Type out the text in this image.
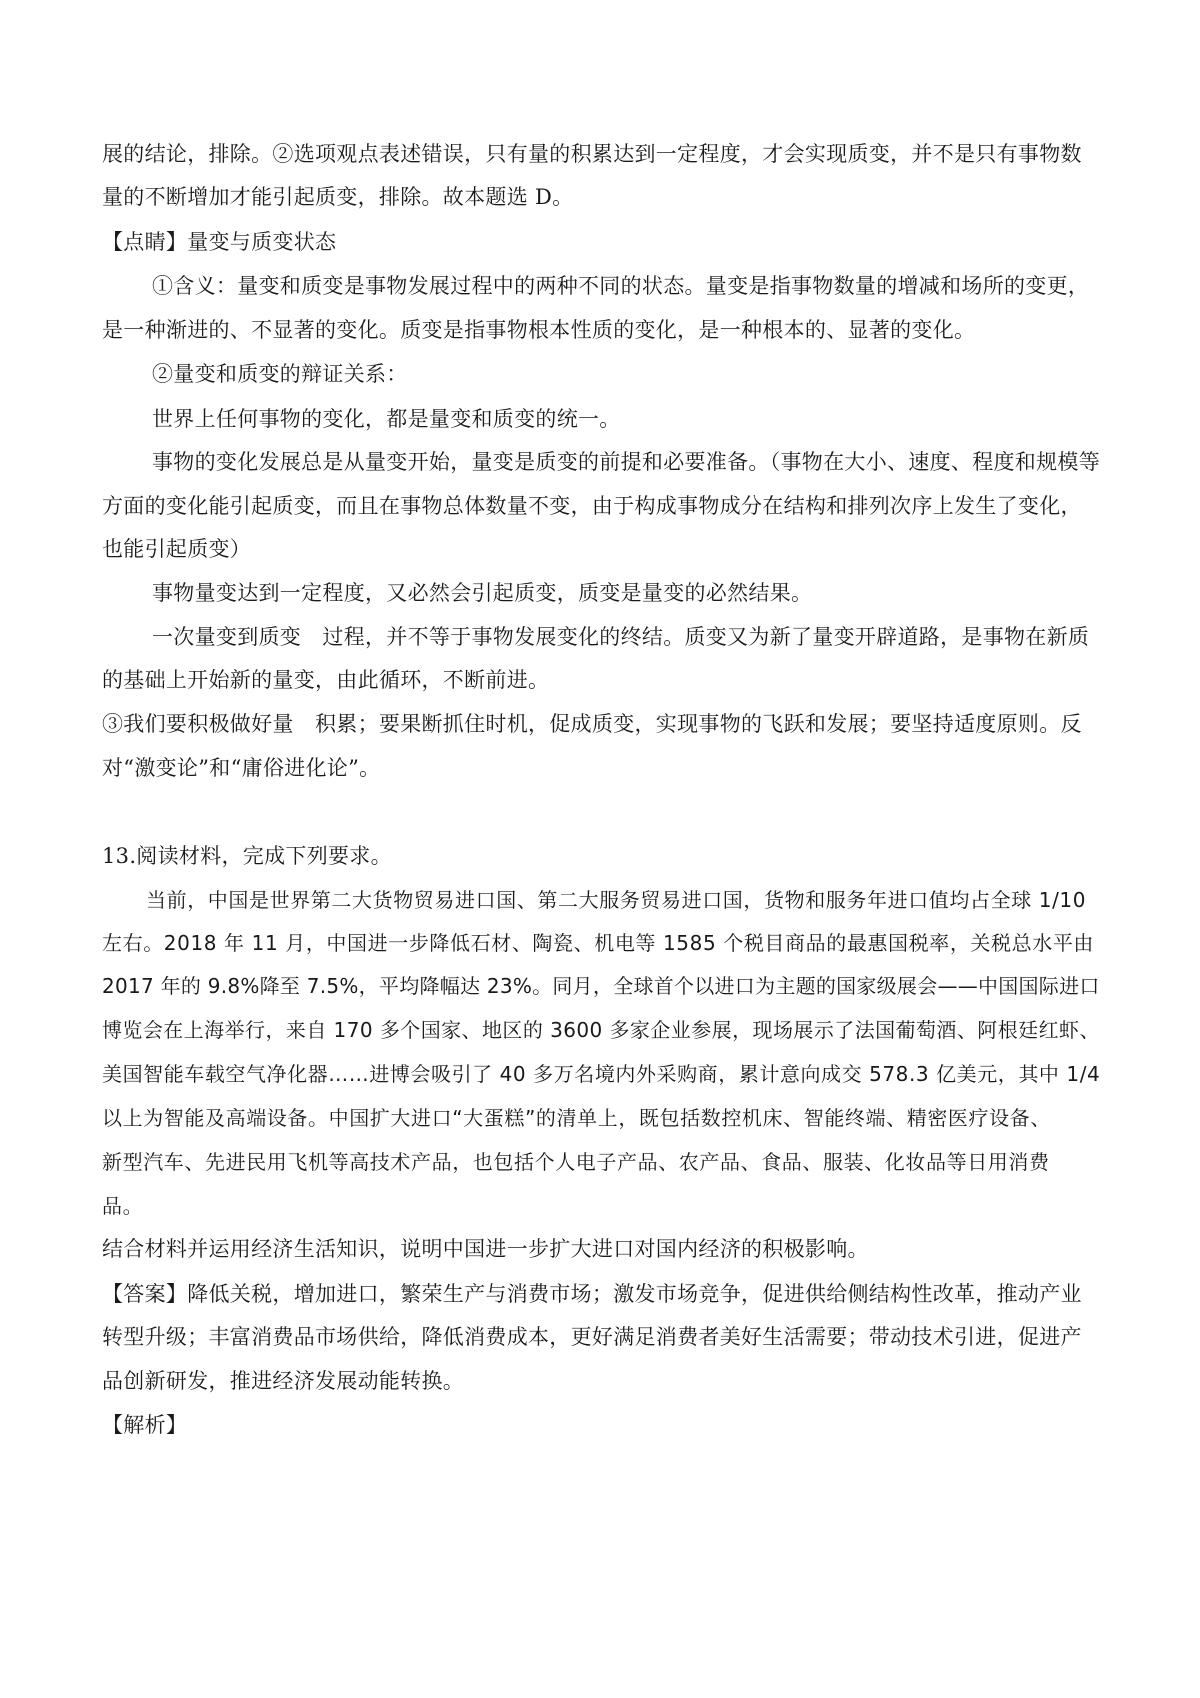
展的结论，排除。②选项观点表述错误，只有量的积累达到一定程度，才会实现质变，并不是只有事物数
量的不断增加才能引起质变，排除。故本题选 D。
【点睛】量变与质变状态
①含义：量变和质变是事物发展过程中的两种不同的状态。量变是指事物数量的增减和场所的变更，
是一种渐进的、不显著的变化。质变是指事物根本性质的变化，是一种根本的、显著的变化。
②量变和质变的辩证关系：
世界上任何事物的变化，都是量变和质变的统一。
事物的变化发展总是从量变开始，量变是质变的前提和必要准备。（事物在大小、速度、程度和规模等
方面的变化能引起质变，而且在事物总体数量不变，由于构成事物成分在结构和排列次序上发生了变化，
也能引起质变）
事物量变达到一定程度，又必然会引起质变，质变是量变的必然结果。
一次量变到质变　过程，并不等于事物发展变化的终结。质变又为新了量变开辟道路，是事物在新质
的基础上开始新的量变，由此循环，不断前进。
③我们要积极做好量　积累；要果断抓住时机，促成质变，实现事物的飞跃和发展；要坚持适度原则。反
对“激变论”和“庸俗进化论”。
13.阅读材料，完成下列要求。
当前，中国是世界第二大货物贸易进口国、第二大服务贸易进口国，货物和服务年进口值均占全球 1/10
左右。2018 年 11 月，中国进一步降低石材、陶瓷、机电等 1585 个税目商品的最惠国税率，关税总水平由
2017 年的 9.8%降至 7.5%，平均降幅达 23%。同月，全球首个以进口为主题的国家级展会——中国国际进口
博览会在上海举行，来自 170 多个国家、地区的 3600 多家企业参展，现场展示了法国葡萄酒、阿根廷红虾、
美国智能车载空气净化器……进博会吸引了 40 多万名境内外采购商，累计意向成交 578.3 亿美元，其中 1/4
以上为智能及高端设备。中国扩大进口“大蛋糕”的清单上，既包括数控机床、智能终端、精密医疗设备、
新型汽车、先进民用飞机等高技术产品，也包括个人电子产品、农产品、食品、服装、化妆品等日用消费
品。
结合材料并运用经济生活知识，说明中国进一步扩大进口对国内经济的积极影响。
【答案】降低关税，增加进口，繁荣生产与消费市场；激发市场竞争，促进供给侧结构性改革，推动产业
转型升级；丰富消费品市场供给，降低消费成本，更好满足消费者美好生活需要；带动技术引进，促进产
品创新研发，推进经济发展动能转换。
【解析】
